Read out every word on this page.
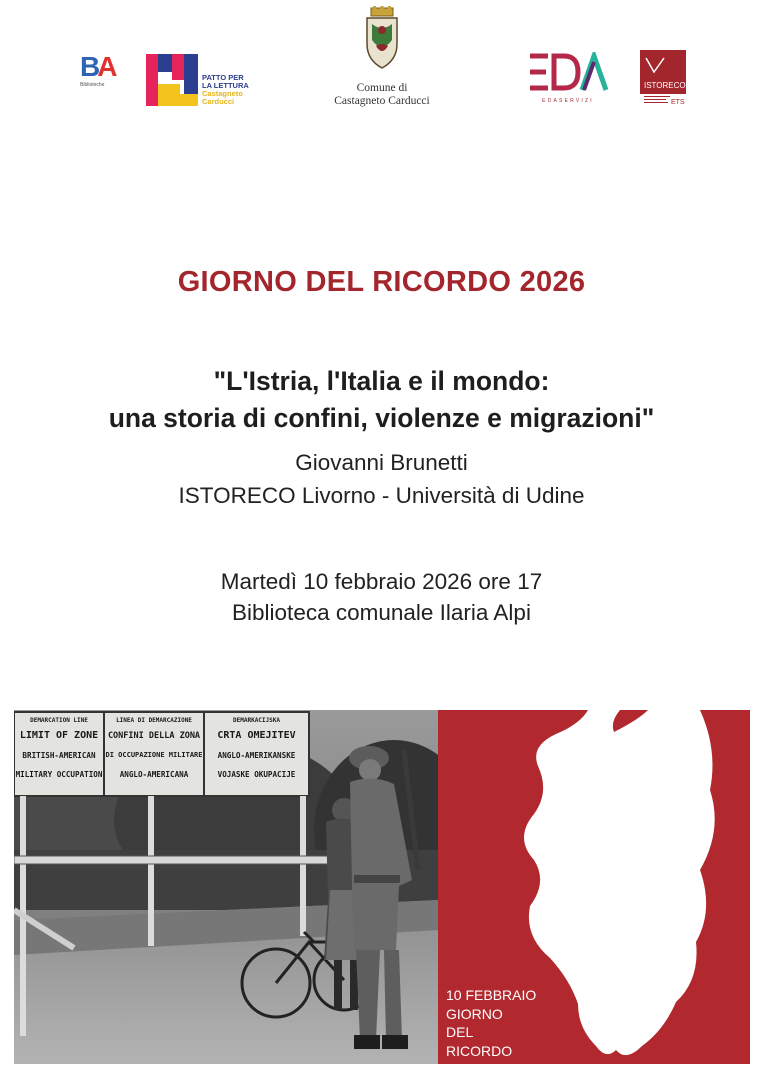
BA
Biblioteche
PATTO PER
LA LETTURA
Castagneto
Carducci
Comune di
Castagneto Carducci	EDASERVIZI
ISTORECO
ETS
GIORNO DEL RICORDO 2026
"L'Istria, l'Italia e il mondo:
una storia di confini, violenze e migrazioni"
Giovanni Brunetti
ISTORECO Livorno - Università di Udine
Martedì 10 febbraio 2026 ore 17
Biblioteca comunale Ilaria Alpi
DEMARCATION LINE
LIMIT OF ZONE
BRITISH-AMERICAN
MILITARY OCCUPATION
LINEA DI DEMARCAZIONE
CONFINI DELLA ZONA
DI OCCUPAZIONE MILITARE
ANGLO-AMERICANA
DEMARKACIJSKA
CRTA OMEJITEV
ANGLO-AMERIKANSKE
VOJASKE OKUPACIJE
10 FEBBRAIO
GIORNO
DEL
RICORDO
